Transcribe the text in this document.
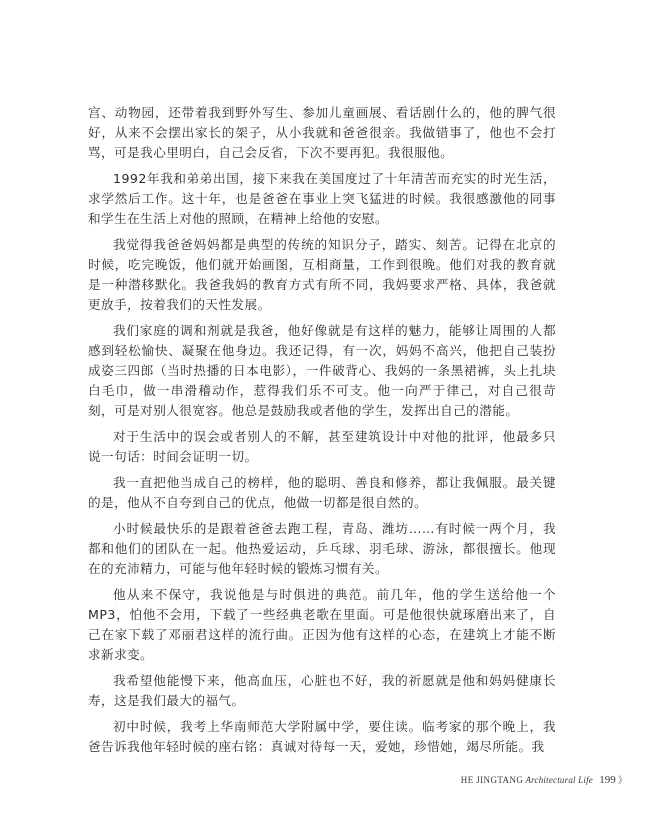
宫、动物园，还带着我到野外写生、参加儿童画展、看话剧什么的，他的脾气很好，从来不会摆出家长的架子，从小我就和爸爸很亲。我做错事了，他也不会打骂，可是我心里明白，自己会反省，下次不要再犯。我很服他。

1992年我和弟弟出国，接下来我在美国度过了十年清苦而充实的时光生活，求学然后工作。这十年，也是爸爸在事业上突飞猛进的时候。我很感激他的同事和学生在生活上对他的照顾，在精神上给他的安慰。

我觉得我爸爸妈妈都是典型的传统的知识分子，踏实、刻苦。记得在北京的时候，吃完晚饭，他们就开始画图，互相商量，工作到很晚。他们对我的教育就是一种潜移默化。我爸我妈的教育方式有所不同，我妈要求严格、具体，我爸就更放手，按着我们的天性发展。

我们家庭的调和剂就是我爸，他好像就是有这样的魅力，能够让周围的人都感到轻松愉快、凝聚在他身边。我还记得，有一次，妈妈不高兴，他把自己装扮成姿三四郎（当时热播的日本电影），一件破背心、我妈的一条黑裙裤，头上扎块白毛巾，做一串滑稽动作，惹得我们乐不可支。他一向严于律己，对自己很苛刻，可是对别人很宽容。他总是鼓励我或者他的学生，发挥出自己的潜能。

对于生活中的误会或者别人的不解，甚至建筑设计中对他的批评，他最多只说一句话：时间会证明一切。

我一直把他当成自己的榜样，他的聪明、善良和修养，都让我佩服。最关键的是，他从不自夸到自己的优点，他做一切都是很自然的。

小时候最快乐的是跟着爸爸去跑工程，青岛、潍坊……有时候一两个月，我都和他们的团队在一起。他热爱运动，乒乓球、羽毛球、游泳，都很擅长。他现在的充沛精力，可能与他年轻时候的锻炼习惯有关。

他从来不保守，我说他是与时俱进的典范。前几年，他的学生送给他一个MP3，怕他不会用，下载了一些经典老歌在里面。可是他很快就琢磨出来了，自己在家下载了邓丽君这样的流行曲。正因为他有这样的心态，在建筑上才能不断求新求变。

我希望他能慢下来，他高血压，心脏也不好，我的祈愿就是他和妈妈健康长寿，这是我们最大的福气。

初中时候，我考上华南师范大学附属中学，要住读。临考家的那个晚上，我爸告诉我他年轻时候的座右铭：真诚对待每一天，爱她，珍惜她，竭尽所能。我

HE JINGTANG Architectural Life 199 》
